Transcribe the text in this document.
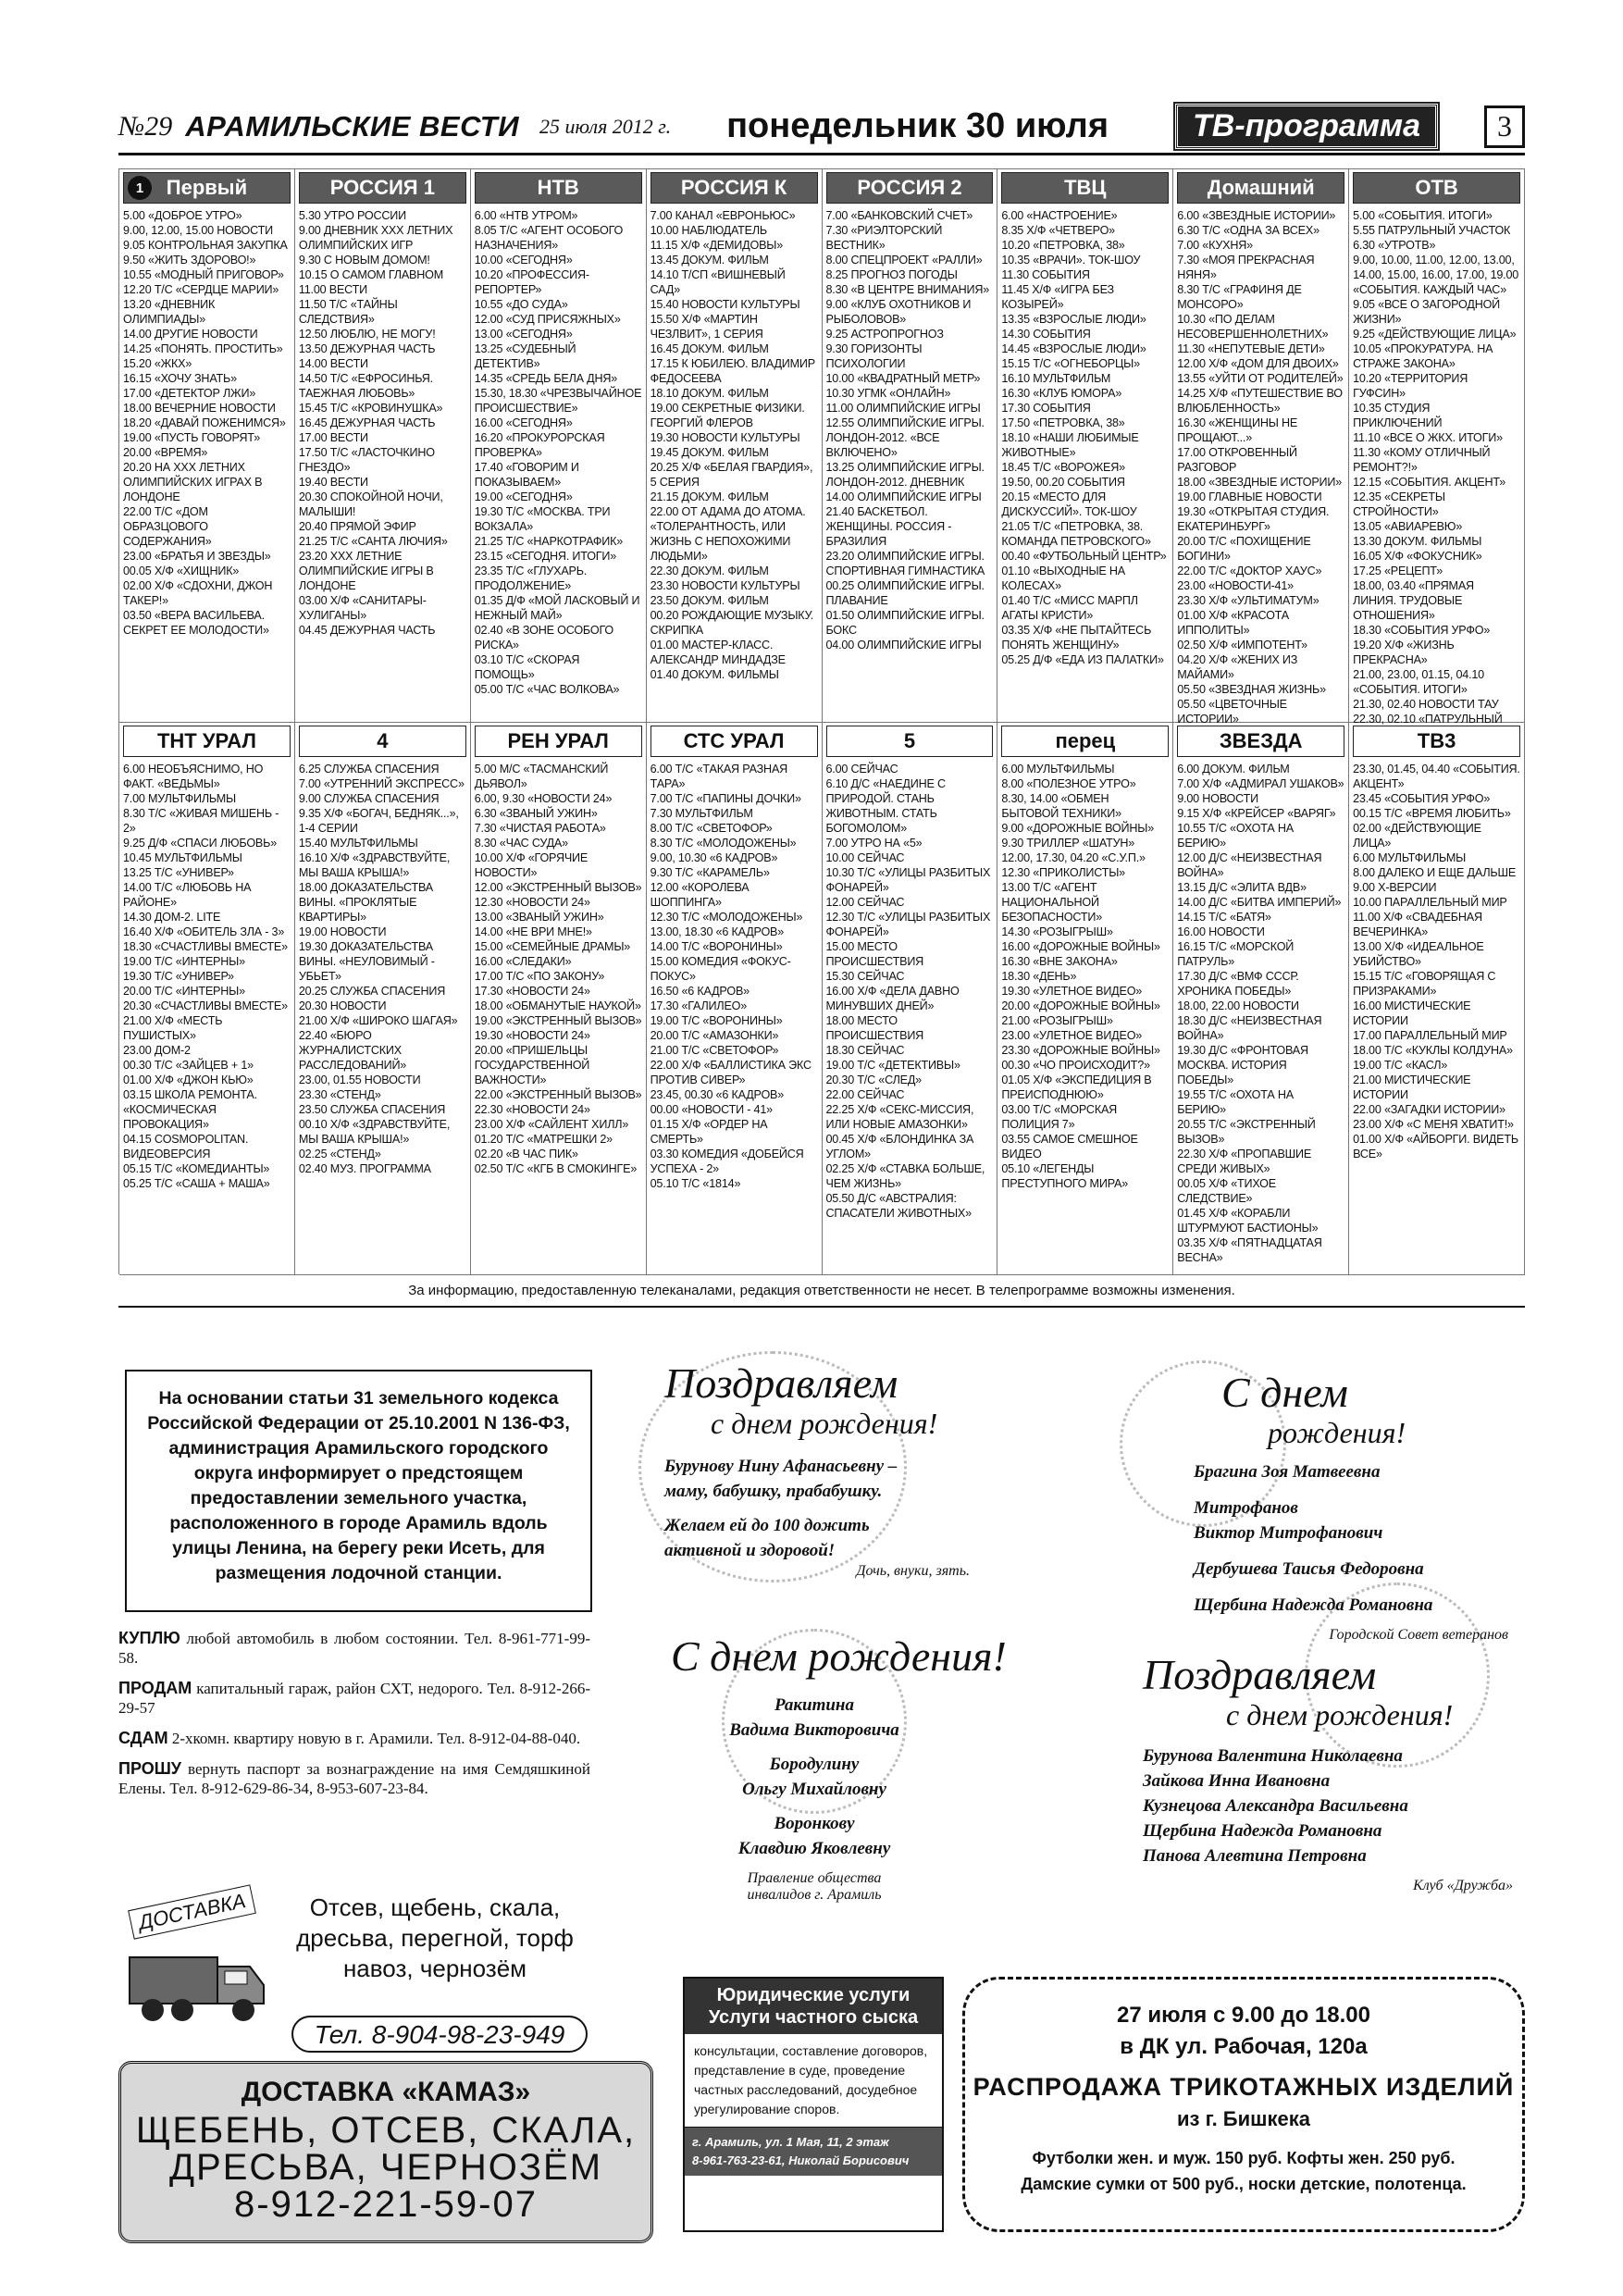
№29 АРАМИЛЬСКИЕ ВЕСТИ 25 июля 2012 г. понедельник 30 июля	ТВ-программа	3
Первый
1
5.00 «ДОБРОЕ УТРО»
9.00, 12.00, 15.00 НОВОСТИ
9.05 КОНТРОЛЬНАЯ ЗАКУПКА
9.50 «ЖИТЬ ЗДОРОВО!»
10.55 «МОДНЫЙ ПРИГОВОР»
12.20 Т/С «СЕРДЦЕ МАРИИ»
13.20 «ДНЕВНИК ОЛИМПИАДЫ»
14.00 ДРУГИЕ НОВОСТИ
14.25 «ПОНЯТЬ. ПРОСТИТЬ»
15.20 «ЖКХ»
16.15 «ХОЧУ ЗНАТЬ»
17.00 «ДЕТЕКТОР ЛЖИ»
18.00 ВЕЧЕРНИЕ НОВОСТИ
18.20 «ДАВАЙ ПОЖЕНИМСЯ»
19.00 «ПУСТЬ ГОВОРЯТ»
20.00 «ВРЕМЯ»
20.20 НА XXX ЛЕТНИХ ОЛИМПИЙСКИХ ИГРАХ В ЛОНДОНЕ
22.00 Т/С «ДОМ ОБРАЗЦОВОГО СОДЕРЖАНИЯ»
23.00 «БРАТЬЯ И ЗВЕЗДЫ»
00.05 Х/Ф «ХИЩНИК»
02.00 Х/Ф «СДОХНИ, ДЖОН ТАКЕР!»
03.50 «ВЕРА ВАСИЛЬЕВА. СЕКРЕТ ЕЕ МОЛОДОСТИ»
РОССИЯ 1
5.30 УТРО РОССИИ
9.00 ДНЕВНИК XXX ЛЕТНИХ ОЛИМПИЙСКИХ ИГР
9.30 С НОВЫМ ДОМОМ!
10.15 О САМОМ ГЛАВНОМ
11.00 ВЕСТИ
11.50 Т/С «ТАЙНЫ СЛЕДСТВИЯ»
12.50 ЛЮБЛЮ, НЕ МОГУ!
13.50 ДЕЖУРНАЯ ЧАСТЬ
14.00 ВЕСТИ
14.50 Т/С «ЕФРОСИНЬЯ. ТАЕЖНАЯ ЛЮБОВЬ»
15.45 Т/С «КРОВИНУШКА»
16.45 ДЕЖУРНАЯ ЧАСТЬ
17.00 ВЕСТИ
17.50 Т/С «ЛАСТОЧКИНО ГНЕЗДО»
19.40 ВЕСТИ
20.30 СПОКОЙНОЙ НОЧИ, МАЛЫШИ!
20.40 ПРЯМОЙ ЭФИР
21.25 Т/С «САНТА ЛЮЧИЯ»
23.20 XXX ЛЕТНИЕ ОЛИМПИЙСКИЕ ИГРЫ В ЛОНДОНЕ
03.00 Х/Ф «САНИТАРЫ-ХУЛИГАНЫ»
04.45 ДЕЖУРНАЯ ЧАСТЬ
НТВ
6.00 «НТВ УТРОМ»
8.05 Т/С «АГЕНТ ОСОБОГО НАЗНАЧЕНИЯ»
10.00 «СЕГОДНЯ»
10.20 «ПРОФЕССИЯ-РЕПОРТЕР»
10.55 «ДО СУДА»
12.00 «СУД ПРИСЯЖНЫХ»
13.00 «СЕГОДНЯ»
13.25 «СУДЕБНЫЙ ДЕТЕКТИВ»
14.35 «СРЕДЬ БЕЛА ДНЯ»
15.30, 18.30 «ЧРЕЗВЫЧАЙНОЕ ПРОИСШЕСТВИЕ»
16.00 «СЕГОДНЯ»
16.20 «ПРОКУРОРСКАЯ ПРОВЕРКА»
17.40 «ГОВОРИМ И ПОКАЗЫВАЕМ»
19.00 «СЕГОДНЯ»
19.30 Т/С «МОСКВА. ТРИ ВОКЗАЛА»
21.25 Т/С «НАРКОТРАФИК»
23.15 «СЕГОДНЯ. ИТОГИ»
23.35 Т/С «ГЛУХАРЬ. ПРОДОЛЖЕНИЕ»
01.35 Д/Ф «МОЙ ЛАСКОВЫЙ И НЕЖНЫЙ МАЙ»
02.40 «В ЗОНЕ ОСОБОГО РИСКА»
03.10 Т/С «СКОРАЯ ПОМОЩЬ»
05.00 Т/С «ЧАС ВОЛКОВА»
РОССИЯ К
7.00 КАНАЛ «ЕВРОНЬЮС»
10.00 НАБЛЮДАТЕЛЬ
11.15 Х/Ф «ДЕМИДОВЫ»
13.45 ДОКУМ. ФИЛЬМ
14.10 Т/СП «ВИШНЕВЫЙ САД»
15.40 НОВОСТИ КУЛЬТУРЫ
15.50 Х/Ф «МАРТИН ЧЕЗЛВИТ», 1 СЕРИЯ
16.45 ДОКУМ. ФИЛЬМ
17.15 К ЮБИЛЕЮ. ВЛАДИМИР ФЕДОСЕЕВА
18.10 ДОКУМ. ФИЛЬМ
19.00 СЕКРЕТНЫЕ ФИЗИКИ. ГЕОРГИЙ ФЛЕРОВ
19.30 НОВОСТИ КУЛЬТУРЫ
19.45 ДОКУМ. ФИЛЬМ
20.25 Х/Ф «БЕЛАЯ ГВАРДИЯ», 5 СЕРИЯ
21.15 ДОКУМ. ФИЛЬМ
22.00 ОТ АДАМА ДО АТОМА. «ТОЛЕРАНТНОСТЬ, ИЛИ ЖИЗНЬ С НЕПОХОЖИМИ ЛЮДЬМИ»
22.30 ДОКУМ. ФИЛЬМ
23.30 НОВОСТИ КУЛЬТУРЫ
23.50 ДОКУМ. ФИЛЬМ
00.20 РОЖДАЮЩИЕ МУЗЫКУ. СКРИПКА
01.00 МАСТЕР-КЛАСС. АЛЕКСАНДР МИНДАДЗЕ
01.40 ДОКУМ. ФИЛЬМЫ
РОССИЯ 2
7.00 «БАНКОВСКИЙ СЧЕТ»
7.30 «РИЭЛТОРСКИЙ ВЕСТНИК»
8.00 СПЕЦПРОЕКТ «РАЛЛИ»
8.25 ПРОГНОЗ ПОГОДЫ
8.30 «В ЦЕНТРЕ ВНИМАНИЯ»
9.00 «КЛУБ ОХОТНИКОВ И РЫБОЛОВОВ»
9.25 АСТРОПРОГНОЗ
9.30 ГОРИЗОНТЫ ПСИХОЛОГИИ
10.00 «КВАДРАТНЫЙ МЕТР»
10.30 УГМК «ОНЛАЙН»
11.00 ОЛИМПИЙСКИЕ ИГРЫ
12.55 ОЛИМПИЙСКИЕ ИГРЫ. ЛОНДОН-2012. «ВСЕ ВКЛЮЧЕНО»
13.25 ОЛИМПИЙСКИЕ ИГРЫ. ЛОНДОН-2012. ДНЕВНИК
14.00 ОЛИМПИЙСКИЕ ИГРЫ
21.40 БАСКЕТБОЛ. ЖЕНЩИНЫ. РОССИЯ - БРАЗИЛИЯ
23.20 ОЛИМПИЙСКИЕ ИГРЫ. СПОРТИВНАЯ ГИМНАСТИКА
00.25 ОЛИМПИЙСКИЕ ИГРЫ. ПЛАВАНИЕ
01.50 ОЛИМПИЙСКИЕ ИГРЫ. БОКС
04.00 ОЛИМПИЙСКИЕ ИГРЫ
ТВЦ
6.00 «НАСТРОЕНИЕ»
8.35 Х/Ф «ЧЕТВЕРО»
10.20 «ПЕТРОВКА, 38»
10.35 «ВРАЧИ». ТОК-ШОУ
11.30 СОБЫТИЯ
11.45 Х/Ф «ИГРА БЕЗ КОЗЫРЕЙ»
13.35 «ВЗРОСЛЫЕ ЛЮДИ»
14.30 СОБЫТИЯ
14.45 «ВЗРОСЛЫЕ ЛЮДИ»
15.15 Т/С «ОГНЕБОРЦЫ»
16.10 МУЛЬТФИЛЬМ
16.30 «КЛУБ ЮМОРА»
17.30 СОБЫТИЯ
17.50 «ПЕТРОВКА, 38»
18.10 «НАШИ ЛЮБИМЫЕ ЖИВОТНЫЕ»
18.45 Т/С «ВОРОЖЕЯ»
19.50, 00.20 СОБЫТИЯ
20.15 «МЕСТО ДЛЯ ДИСКУССИЙ». ТОК-ШОУ
21.05 Т/С «ПЕТРОВКА, 38. КОМАНДА ПЕТРОВСКОГО»
00.40 «ФУТБОЛЬНЫЙ ЦЕНТР»
01.10 «ВЫХОДНЫЕ НА КОЛЕСАХ»
01.40 Т/С «МИСС МАРПЛ АГАТЫ КРИСТИ»
03.35 Х/Ф «НЕ ПЫТАЙТЕСЬ ПОНЯТЬ ЖЕНЩИНУ»
05.25 Д/Ф «ЕДА ИЗ ПАЛАТКИ»
Домашний
6.00 «ЗВЕЗДНЫЕ ИСТОРИИ»
6.30 Т/С «ОДНА ЗА ВСЕХ»
7.00 «КУХНЯ»
7.30 «МОЯ ПРЕКРАСНАЯ НЯНЯ»
8.30 Т/С «ГРАФИНЯ ДЕ МОНСОРО»
10.30 «ПО ДЕЛАМ НЕСОВЕРШЕННОЛЕТНИХ»
11.30 «НЕПУТЕВЫЕ ДЕТИ»
12.00 Х/Ф «ДОМ ДЛЯ ДВОИХ»
13.55 «УЙТИ ОТ РОДИТЕЛЕЙ»
14.25 Х/Ф «ПУТЕШЕСТВИЕ ВО ВЛЮБЛЕННОСТЬ»
16.30 «ЖЕНЩИНЫ НЕ ПРОЩАЮТ...»
17.00 ОТКРОВЕННЫЙ РАЗГОВОР
18.00 «ЗВЕЗДНЫЕ ИСТОРИИ»
19.00 ГЛАВНЫЕ НОВОСТИ
19.30 «ОТКРЫТАЯ СТУДИЯ. ЕКАТЕРИНБУРГ»
20.00 Т/С «ПОХИЩЕНИЕ БОГИНИ»
22.00 Т/С «ДОКТОР ХАУС»
23.00 «НОВОСТИ-41»
23.30 Х/Ф «УЛЬТИМАТУМ»
01.00 Х/Ф «КРАСОТА ИППОЛИТЫ»
02.50 Х/Ф «ИМПОТЕНТ»
04.20 Х/Ф «ЖЕНИХ ИЗ МАЙАМИ»
05.50 «ЗВЕЗДНАЯ ЖИЗНЬ»
05.50 «ЦВЕТОЧНЫЕ ИСТОРИИ»
ОТВ
5.00 «СОБЫТИЯ. ИТОГИ»
5.55 ПАТРУЛЬНЫЙ УЧАСТОК
6.30 «УТРОТВ»
9.00, 10.00, 11.00, 12.00, 13.00, 14.00, 15.00, 16.00, 17.00, 19.00 «СОБЫТИЯ. КАЖДЫЙ ЧАС»
9.05 «ВСЕ О ЗАГОРОДНОЙ ЖИЗНИ»
9.25 «ДЕЙСТВУЮЩИЕ ЛИЦА»
10.05 «ПРОКУРАТУРА. НА СТРАЖЕ ЗАКОНА»
10.20 «ТЕРРИТОРИЯ ГУФСИН»
10.35 СТУДИЯ ПРИКЛЮЧЕНИЙ
11.10 «ВСЕ О ЖКХ. ИТОГИ»
11.30 «КОМУ ОТЛИЧНЫЙ РЕМОНТ?!»
12.15 «СОБЫТИЯ. АКЦЕНТ»
12.35 «СЕКРЕТЫ СТРОЙНОСТИ»
13.05 «АВИАРЕВЮ»
13.30 ДОКУМ. ФИЛЬМЫ
16.05 Х/Ф «ФОКУСНИК»
17.25 «РЕЦЕПТ»
18.00, 03.40 «ПРЯМАЯ ЛИНИЯ. ТРУДОВЫЕ ОТНОШЕНИЯ»
18.30 «СОБЫТИЯ УРФО»
19.20 Х/Ф «ЖИЗНЬ ПРЕКРАСНА»
21.00, 23.00, 01.15, 04.10 «СОБЫТИЯ. ИТОГИ»
21.30, 02.40 НОВОСТИ ТАУ
22.30, 02.10 «ПАТРУЛЬНЫЙ
ТНТ УРАЛ
6.00 НЕОБЪЯСНИМО, НО ФАКТ. «ВЕДЬМЫ»
7.00 МУЛЬТФИЛЬМЫ
8.30 Т/С «ЖИВАЯ МИШЕНЬ - 2»
9.25 Д/Ф «СПАСИ ЛЮБОВЬ»
10.45 МУЛЬТФИЛЬМЫ
13.25 Т/С «УНИВЕР»
14.00 Т/С «ЛЮБОВЬ НА РАЙОНЕ»
14.30 ДОМ-2. LITE
16.40 Х/Ф «ОБИТЕЛЬ ЗЛА - 3»
18.30 «СЧАСТЛИВЫ ВМЕСТЕ»
19.00 Т/С «ИНТЕРНЫ»
19.30 Т/С «УНИВЕР»
20.00 Т/С «ИНТЕРНЫ»
20.30 «СЧАСТЛИВЫ ВМЕСТЕ»
21.00 Х/Ф «МЕСТЬ ПУШИСТЫХ»
23.00 ДОМ-2
00.30 Т/С «ЗАЙЦЕВ + 1»
01.00 Х/Ф «ДЖОН КЬЮ»
03.15 ШКОЛА РЕМОНТА. «КОСМИЧЕСКАЯ ПРОВОКАЦИЯ»
04.15 COSMOPOLITAN. ВИДЕОВЕРСИЯ
05.15 Т/С «КОМЕДИАНТЫ»
05.25 Т/С «САША + МАША»
4
6.25 СЛУЖБА СПАСЕНИЯ
7.00 «УТРЕННИЙ ЭКСПРЕСС»
9.00 СЛУЖБА СПАСЕНИЯ
9.35 Х/Ф «БОГАЧ, БЕДНЯК...», 1-4 СЕРИИ
15.40 МУЛЬТФИЛЬМЫ
16.10 Х/Ф «ЗДРАВСТВУЙТЕ, МЫ ВАША КРЫША!»
18.00 ДОКАЗАТЕЛЬСТВА ВИНЫ. «ПРОКЛЯТЫЕ КВАРТИРЫ»
19.00 НОВОСТИ
19.30 ДОКАЗАТЕЛЬСТВА ВИНЫ. «НЕУЛОВИМЫЙ - УБЬЕТ»
20.25 СЛУЖБА СПАСЕНИЯ
20.30 НОВОСТИ
21.00 Х/Ф «ШИРОКО ШАГАЯ»
22.40 «БЮРО ЖУРНАЛИСТСКИХ РАССЛЕДОВАНИЙ»
23.00, 01.55 НОВОСТИ
23.30 «СТЕНД»
23.50 СЛУЖБА СПАСЕНИЯ
00.10 Х/Ф «ЗДРАВСТВУЙТЕ, МЫ ВАША КРЫША!»
02.25 «СТЕНД»
02.40 МУЗ. ПРОГРАММА
РЕН УРАЛ
5.00 М/С «ТАСМАНСКИЙ ДЬЯВОЛ»
6.00, 9.30 «НОВОСТИ 24»
6.30 «ЗВАНЫЙ УЖИН»
7.30 «ЧИСТАЯ РАБОТА»
8.30 «ЧАС СУДА»
10.00 Х/Ф «ГОРЯЧИЕ НОВОСТИ»
12.00 «ЭКСТРЕННЫЙ ВЫЗОВ»
12.30 «НОВОСТИ 24»
13.00 «ЗВАНЫЙ УЖИН»
14.00 «НЕ ВРИ МНЕ!»
15.00 «СЕМЕЙНЫЕ ДРАМЫ»
16.00 «СЛЕДАКИ»
17.00 Т/С «ПО ЗАКОНУ»
17.30 «НОВОСТИ 24»
18.00 «ОБМАНУТЫЕ НАУКОЙ»
19.00 «ЭКСТРЕННЫЙ ВЫЗОВ»
19.30 «НОВОСТИ 24»
20.00 «ПРИШЕЛЬЦЫ ГОСУДАРСТВЕННОЙ ВАЖНОСТИ»
22.00 «ЭКСТРЕННЫЙ ВЫЗОВ»
22.30 «НОВОСТИ 24»
23.00 Х/Ф «САЙЛЕНТ ХИЛЛ»
01.20 Т/С «МАТРЕШКИ 2»
02.20 «В ЧАС ПИК»
02.50 Т/С «КГБ В СМОКИНГЕ»
СТС УРАЛ
6.00 Т/С «ТАКАЯ РАЗНАЯ ТАРА»
7.00 Т/С «ПАПИНЫ ДОЧКИ»
7.30 МУЛЬТФИЛЬМ
8.00 Т/С «СВЕТОФОР»
8.30 Т/С «МОЛОДОЖЕНЫ»
9.00, 10.30 «6 КАДРОВ»
9.30 Т/С «КАРАМЕЛЬ»
12.00 «КОРОЛЕВА ШОППИНГА»
12.30 Т/С «МОЛОДОЖЕНЫ»
13.00, 18.30 «6 КАДРОВ»
14.00 Т/С «ВОРОНИНЫ»
15.00 КОМЕДИЯ «ФОКУС-ПОКУС»
16.50 «6 КАДРОВ»
17.30 «ГАЛИЛЕО»
19.00 Т/С «ВОРОНИНЫ»
20.00 Т/С «АМАЗОНКИ»
21.00 Т/С «СВЕТОФОР»
22.00 Х/Ф «БАЛЛИСТИКА ЭКС ПРОТИВ СИВЕР»
23.45, 00.30 «6 КАДРОВ»
00.00 «НОВОСТИ - 41»
01.15 Х/Ф «ОРДЕР НА СМЕРТЬ»
03.30 КОМЕДИЯ «ДОБЕЙСЯ УСПЕХА - 2»
05.10 Т/С «1814»
5
6.00 СЕЙЧАС
6.10 Д/С «НАЕДИНЕ С ПРИРОДОЙ. СТАНЬ ЖИВОТНЫМ. СТАТЬ БОГОМОЛОМ»
7.00 УТРО НА «5»
10.00 СЕЙЧАС
10.30 Т/С «УЛИЦЫ РАЗБИТЫХ ФОНАРЕЙ»
12.00 СЕЙЧАС
12.30 Т/С «УЛИЦЫ РАЗБИТЫХ ФОНАРЕЙ»
15.00 МЕСТО ПРОИСШЕСТВИЯ
15.30 СЕЙЧАС
16.00 Х/Ф «ДЕЛА ДАВНО МИНУВШИХ ДНЕЙ»
18.00 МЕСТО ПРОИСШЕСТВИЯ
18.30 СЕЙЧАС
19.00 Т/С «ДЕТЕКТИВЫ»
20.30 Т/С «СЛЕД»
22.00 СЕЙЧАС
22.25 Х/Ф «СЕКС-МИССИЯ, ИЛИ НОВЫЕ АМАЗОНКИ»
00.45 Х/Ф «БЛОНДИНКА ЗА УГЛОМ»
02.25 Х/Ф «СТАВКА БОЛЬШЕ, ЧЕМ ЖИЗНЬ»
05.50 Д/С «АВСТРАЛИЯ: СПАСАТЕЛИ ЖИВОТНЫХ»
перец
6.00 МУЛЬТФИЛЬМЫ
8.00 «ПОЛЕЗНОЕ УТРО»
8.30, 14.00 «ОБМЕН БЫТОВОЙ ТЕХНИКИ»
9.00 «ДОРОЖНЫЕ ВОЙНЫ»
9.30 ТРИЛЛЕР «ШАТУН»
12.00, 17.30, 04.20 «С.У.П.»
12.30 «ПРИКОЛИСТЫ»
13.00 Т/С «АГЕНТ НАЦИОНАЛЬНОЙ БЕЗОПАСНОСТИ»
14.30 «РОЗЫГРЫШ»
16.00 «ДОРОЖНЫЕ ВОЙНЫ»
16.30 «ВНЕ ЗАКОНА»
18.30 «ДЕНЬ»
19.30 «УЛЕТНОЕ ВИДЕО»
20.00 «ДОРОЖНЫЕ ВОЙНЫ»
21.00 «РОЗЫГРЫШ»
23.00 «УЛЕТНОЕ ВИДЕО»
23.30 «ДОРОЖНЫЕ ВОЙНЫ»
00.30 «ЧО ПРОИСХОДИТ?»
01.05 Х/Ф «ЭКСПЕДИЦИЯ В ПРЕИСПОДНЮЮ»
03.00 Т/С «МОРСКАЯ ПОЛИЦИЯ 7»
03.55 САМОЕ СМЕШНОЕ ВИДЕО
05.10 «ЛЕГЕНДЫ ПРЕСТУПНОГО МИРА»
ЗВЕЗДА
6.00 ДОКУМ. ФИЛЬМ
7.00 Х/Ф «АДМИРАЛ УШАКОВ»
9.00 НОВОСТИ
9.15 Х/Ф «КРЕЙСЕР «ВАРЯГ»
10.55 Т/С «ОХОТА НА БЕРИЮ»
12.00 Д/С «НЕИЗВЕСТНАЯ ВОЙНА»
13.15 Д/С «ЭЛИТА ВДВ»
14.00 Д/С «БИТВА ИМПЕРИЙ»
14.15 Т/С «БАТЯ»
16.00 НОВОСТИ
16.15 Т/С «МОРСКОЙ ПАТРУЛЬ»
17.30 Д/С «ВМФ СССР. ХРОНИКА ПОБЕДЫ»
18.00, 22.00 НОВОСТИ
18.30 Д/С «НЕИЗВЕСТНАЯ ВОЙНА»
19.30 Д/С «ФРОНТОВАЯ МОСКВА. ИСТОРИЯ ПОБЕДЫ»
19.55 Т/С «ОХОТА НА БЕРИЮ»
20.55 Т/С «ЭКСТРЕННЫЙ ВЫЗОВ»
22.30 Х/Ф «ПРОПАВШИЕ СРЕДИ ЖИВЫХ»
00.05 Х/Ф «ТИХОЕ СЛЕДСТВИЕ»
01.45 Х/Ф «КОРАБЛИ ШТУРМУЮТ БАСТИОНЫ»
03.35 Х/Ф «ПЯТНАДЦАТАЯ ВЕСНА»
ТВ3
23.30, 01.45, 04.40 «СОБЫТИЯ. АКЦЕНТ»
23.45 «СОБЫТИЯ УРФО»
00.15 Т/С «ВРЕМЯ ЛЮБИТЬ»
02.00 «ДЕЙСТВУЮЩИЕ ЛИЦА»
6.00 МУЛЬТФИЛЬМЫ
8.00 ДАЛЕКО И ЕЩЕ ДАЛЬШЕ
9.00 Х-ВЕРСИИ
10.00 ПАРАЛЛЕЛЬНЫЙ МИР
11.00 Х/Ф «СВАДЕБНАЯ ВЕЧЕРИНКА»
13.00 Х/Ф «ИДЕАЛЬНОЕ УБИЙСТВО»
15.15 Т/С «ГОВОРЯЩАЯ С ПРИЗРАКАМИ»
16.00 МИСТИЧЕСКИЕ ИСТОРИИ
17.00 ПАРАЛЛЕЛЬНЫЙ МИР
18.00 Т/С «КУКЛЫ КОЛДУНА»
19.00 Т/С «КАСЛ»
21.00 МИСТИЧЕСКИЕ ИСТОРИИ
22.00 «ЗАГАДКИ ИСТОРИИ»
23.00 Х/Ф «С МЕНЯ ХВАТИТ!»
01.00 Х/Ф «АЙБОРГИ. ВИДЕТЬ ВСЕ»
За информацию, предоставленную телеканалами, редакция ответственности не несет. В телепрограмме возможны изменения.
На основании статьи 31 земельного кодекса Российской Федерации от 25.10.2001 N 136-ФЗ, администрация Арамильского городского округа информирует о предстоящем предоставлении земельного участка, расположенного в городе Арамиль вдоль улицы Ленина, на берегу реки Исеть, для размещения лодочной станции.

КУПЛЮ любой автомобиль в любом состоянии. Тел. 8-961-771-99-58.

ПРОДАМ капитальный гараж, район СХТ, недорого. Тел. 8-912-266-29-57

СДАМ 2-хкомн. квартиру новую в г. Арамили. Тел. 8-912-04-88-040.

ПРОШУ вернуть паспорт за вознаграждение на имя Семдяшкиной Елены. Тел. 8-912-629-86-34, 8-953-607-23-84.

ДОСТАВКА	Отсев, щебень, скала,
дресьва, перегной, торф
навоз, чернозём
Тел. 8-904-98-23-949
ДОСТАВКА «КАМАЗ»
ЩЕБЕНЬ, ОТСЕВ, СКАЛА,
ДРЕСЬВА, ЧЕРНОЗЁМ
8-912-221-59-07
Поздравляем
с днем рождения!
Бурунову Нину Афанасьевну –
маму, бабушку, прабабушку.
Желаем ей до 100 дожить
активной и здоровой!
Дочь, внуки, зять.
С днем
рождения!
Брагина Зоя Матвеевна
Митрофанов
Виктор Митрофанович
Дербушева Таисья Федоровна
Щербина Надежда Романовна
Городской Совет ветеранов
С днем рождения!
Ракитина
Вадима Викторовича
Бородулину
Ольгу Михайловну
Воронкову
Клавдию Яковлевну
Правление общества
инвалидов г. Арамиль
Поздравляем
с днем рождения!
Бурунова Валентина Николаевна
Зайкова Инна Ивановна
Кузнецова Александра Васильевна
Щербина Надежда Романовна
Панова Алевтина Петровна
Клуб «Дружба»
Юридические услуги
Услуги частного сыска
консультации, составление договоров, представление в суде, проведение частных расследований, досудебное урегулирование споров.
г. Арамиль, ул. 1 Мая, 11, 2 этаж
8-961-763-23-61, Николай Борисович
27 июля с 9.00 до 18.00
в ДК ул. Рабочая, 120а
РАСПРОДАЖА ТРИКОТАЖНЫХ ИЗДЕЛИЙ
из г. Бишкека
Футболки жен. и муж. 150 руб. Кофты жен. 250 руб.
Дамские сумки от 500 руб., носки детские, полотенца.
